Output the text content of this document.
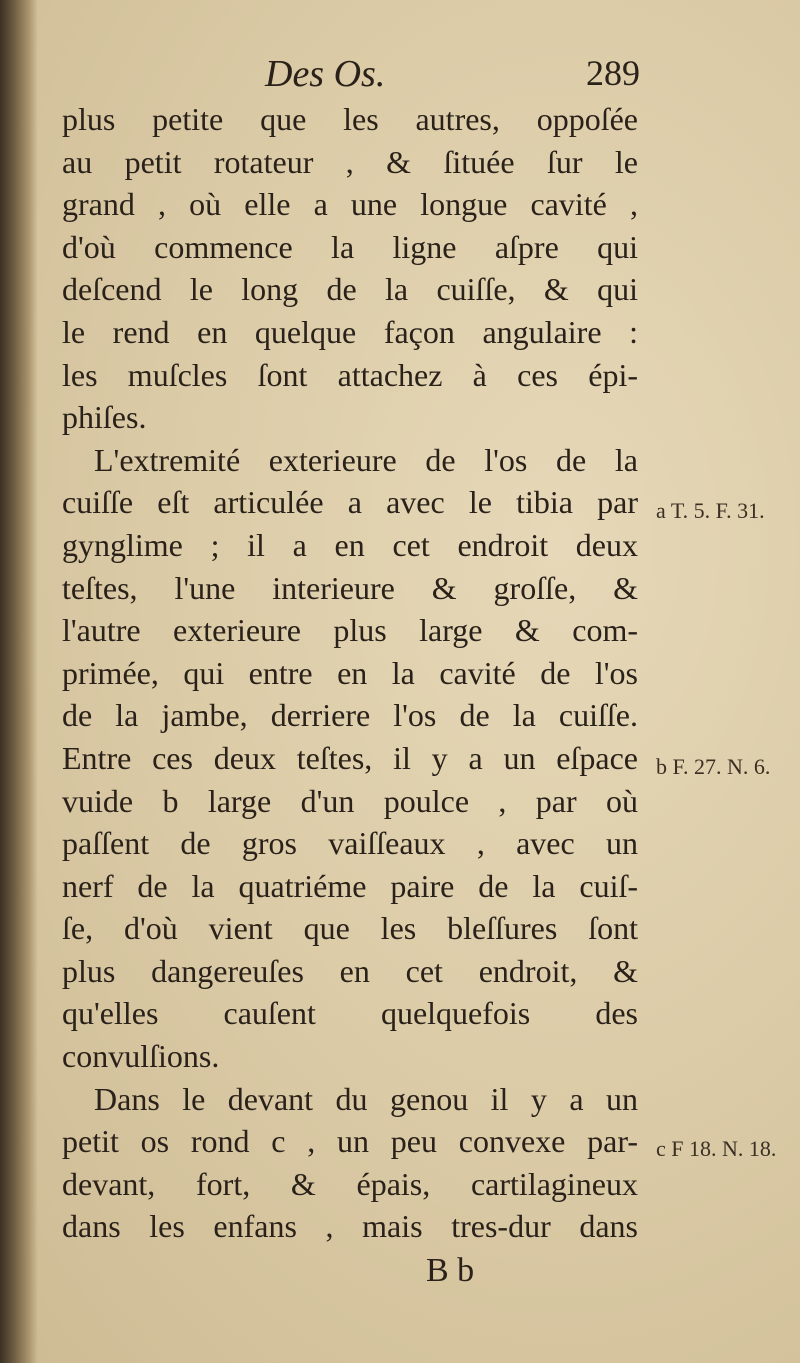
Des Os.	289
plus petite que les autres, oppoſée
au petit rotateur , & ſituée ſur le
grand , où elle a une longue cavité ,
d'où commence la ligne aſpre qui
deſcend le long de la cuiſſe, & qui
le rend en quelque façon angulaire :
les muſcles ſont attachez à ces épi-
phiſes.
L'extremité exterieure de l'os de la
cuiſſe eſt articulée a avec le tibia par
gynglime ; il a en cet endroit deux
teſtes, l'une interieure & groſſe, &
l'autre exterieure plus large & com-
primée, qui entre en la cavité de l'os
de la jambe, derriere l'os de la cuiſſe.
Entre ces deux teſtes, il y a un eſpace
vuide b large d'un poulce , par où
paſſent de gros vaiſſeaux , avec un
nerf de la quatriéme paire de la cuiſ-
ſe, d'où vient que les bleſſures ſont
plus dangereuſes en cet endroit, &
qu'elles cauſent quelquefois des
convulſions.
Dans le devant du genou il y a un
petit os rond c , un peu convexe par-
devant, fort, & épais, cartilagineux
dans les enfans , mais tres-dur dans
a T. 5. F. 31.
b F. 27. N. 6.
c F 18. N. 18.
B b
